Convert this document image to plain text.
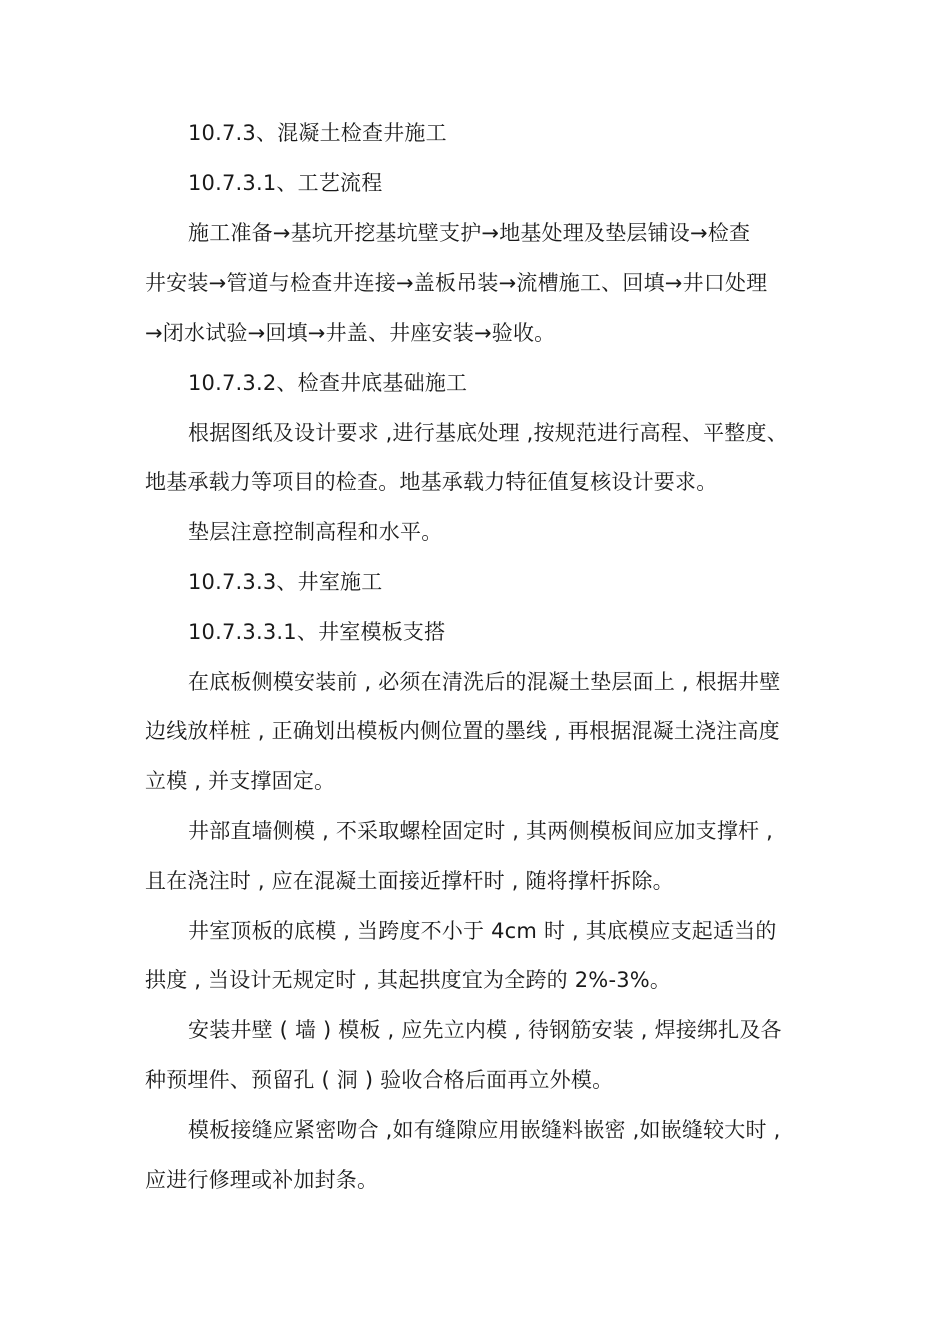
10.7.3、混凝土检查井施工
10.7.3.1、工艺流程
施工准备→基坑开挖基坑壁支护→地基处理及垫层铺设→检查
井安装→管道与检查井连接→盖板吊装→流槽施工、回填→井口处理
→闭水试验→回填→井盖、井座安装→验收。
10.7.3.2、检查井底基础施工
根据图纸及设计要求 ,进行基底处理 ,按规范进行高程、平整度、
地基承载力等项目的检查。地基承载力特征值复核设计要求。
垫层注意控制高程和水平。
10.7.3.3、井室施工
10.7.3.3.1、井室模板支搭
在底板侧模安装前 , 必须在清洗后的混凝土垫层面上 , 根据井壁
边线放样桩 , 正确划出模板内侧位置的墨线 , 再根据混凝土浇注高度
立模 , 并支撑固定。
井部直墙侧模 , 不采取螺栓固定时 , 其两侧模板间应加支撑杆 ,
且在浇注时 , 应在混凝土面接近撑杆时 , 随将撑杆拆除。
井室顶板的底模 , 当跨度不小于 4cm 时 , 其底模应支起适当的
拱度 , 当设计无规定时 , 其起拱度宜为全跨的 2%-3%。
安装井壁 ( 墙 ) 模板 , 应先立内模 , 待钢筋安装 , 焊接绑扎及各
种预埋件、预留孔 ( 洞 ) 验收合格后面再立外模。
模板接缝应紧密吻合 ,如有缝隙应用嵌缝料嵌密 ,如嵌缝较大时 ,
应进行修理或补加封条。
